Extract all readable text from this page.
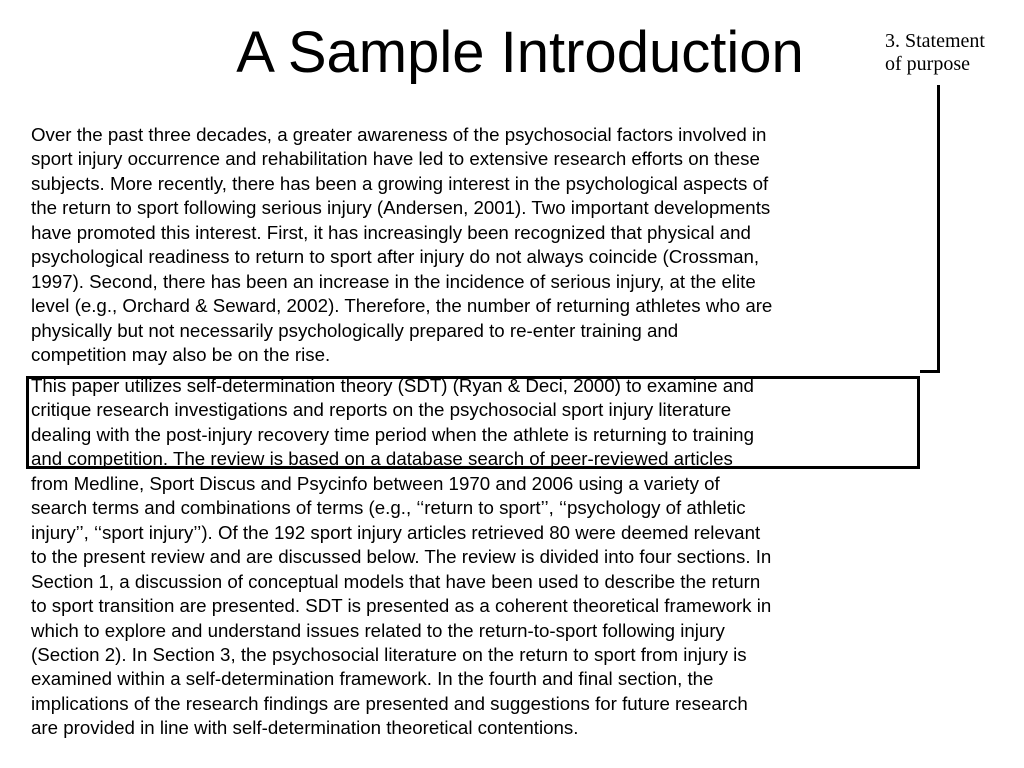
A Sample Introduction	3. Statement
of purpose
Over the past three decades, a greater awareness of the psychosocial factors involved in
sport injury occurrence and rehabilitation have led to extensive research efforts on these
subjects. More recently, there has been a growing interest in the psychological aspects of
the return to sport following serious injury (Andersen, 2001). Two important developments
have promoted this interest. First, it has increasingly been recognized that physical and
psychological readiness to return to sport after injury do not always coincide (Crossman,
1997). Second, there has been an increase in the incidence of serious injury, at the elite
level (e.g., Orchard & Seward, 2002). Therefore, the number of returning athletes who are
physically but not necessarily psychologically prepared to re-enter training and
competition may also be on the rise.
This paper utilizes self-determination theory (SDT) (Ryan & Deci, 2000) to examine and
critique research investigations and reports on the psychosocial sport injury literature
dealing with the post-injury recovery time period when the athlete is returning to training
and competition. The review is based on a database search of peer-reviewed articles
from Medline, Sport Discus and Psycinfo between 1970 and 2006 using a variety of
search terms and combinations of terms (e.g., ‘‘return to sport’’, ‘‘psychology of athletic
injury’’, ‘‘sport injury’’). Of the 192 sport injury articles retrieved 80 were deemed relevant
to the present review and are discussed below. The review is divided into four sections. In
Section 1, a discussion of conceptual models that have been used to describe the return
to sport transition are presented. SDT is presented as a coherent theoretical framework in
which to explore and understand issues related to the return-to-sport following injury
(Section 2). In Section 3, the psychosocial literature on the return to sport from injury is
examined within a self-determination framework. In the fourth and final section, the
implications of the research findings are presented and suggestions for future research
are provided in line with self-determination theoretical contentions.
